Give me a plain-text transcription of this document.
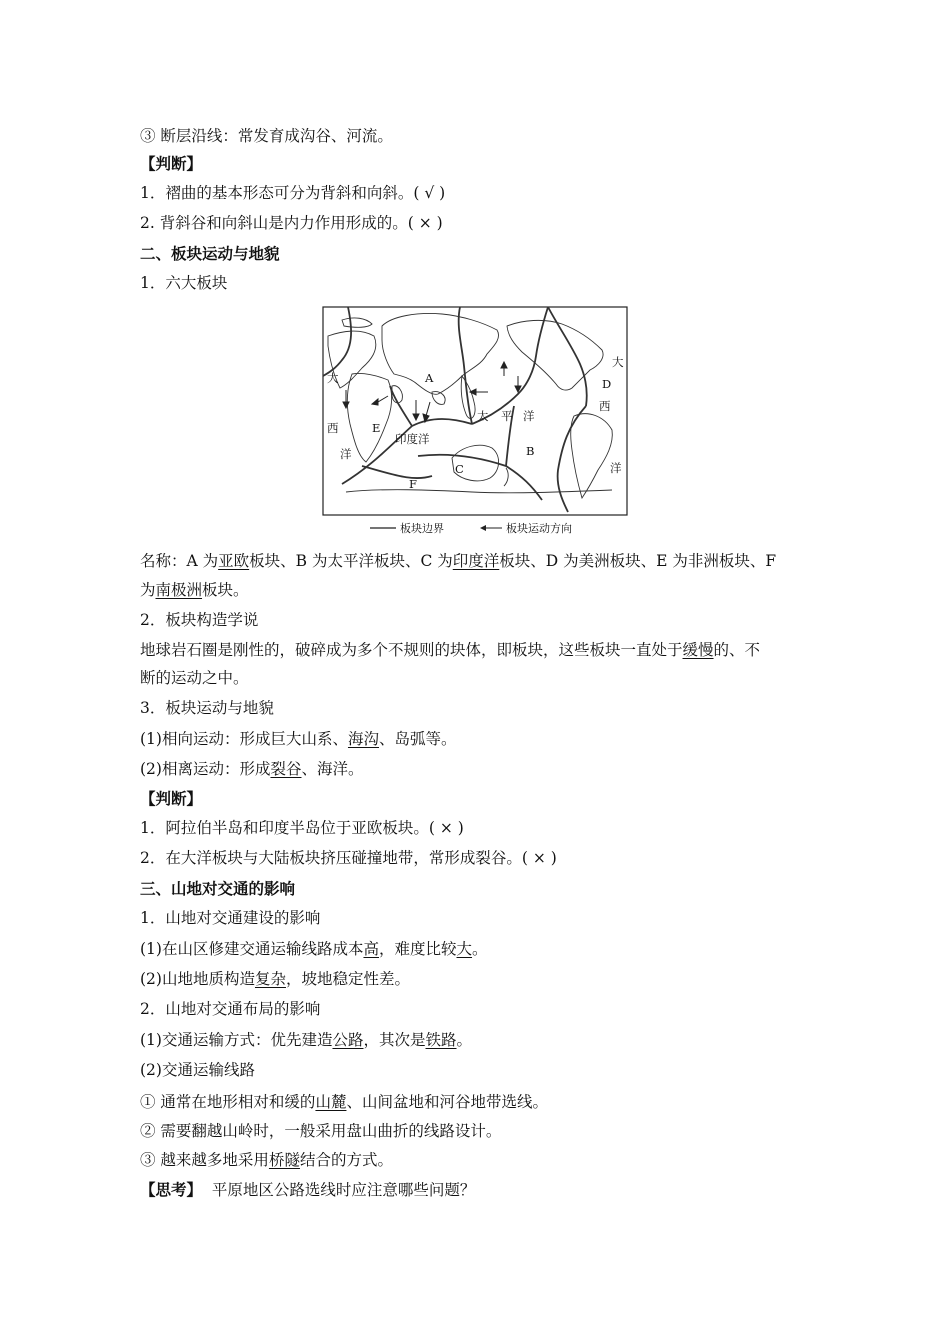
③ 断层沿线：常发育成沟谷、河流。
【判断】
1．褶曲的基本形态可分为背斜和向斜。( √ )
2. 背斜谷和向斜山是内力作用形成的。( × )
二、板块运动与地貌
1．六大板块
大
西
洋
A
E
印度洋
太 平 洋
B
C
F
D
大
西
洋
板块边界	板块运动方向
名称：A 为亚欧板块、B 为太平洋板块、C 为印度洋板块、D 为美洲板块、E 为非洲板块、F
为南极洲板块。
2．板块构造学说
地球岩石圈是刚性的，破碎成为多个不规则的块体，即板块，这些板块一直处于缓慢的、不
断的运动之中。
3．板块运动与地貌
(1)相向运动：形成巨大山系、海沟、岛弧等。
(2)相离运动：形成裂谷、海洋。
【判断】
1．阿拉伯半岛和印度半岛位于亚欧板块。( × )
2．在大洋板块与大陆板块挤压碰撞地带，常形成裂谷。( × )
三、山地对交通的影响
1．山地对交通建设的影响
(1)在山区修建交通运输线路成本高，难度比较大。
(2)山地地质构造复杂，坡地稳定性差。
2．山地对交通布局的影响
(1)交通运输方式：优先建造公路，其次是铁路。
(2)交通运输线路
① 通常在地形相对和缓的山麓、山间盆地和河谷地带选线。
② 需要翻越山岭时，一般采用盘山曲折的线路设计。
③ 越来越多地采用桥隧结合的方式。
【思考】 平原地区公路选线时应注意哪些问题？
